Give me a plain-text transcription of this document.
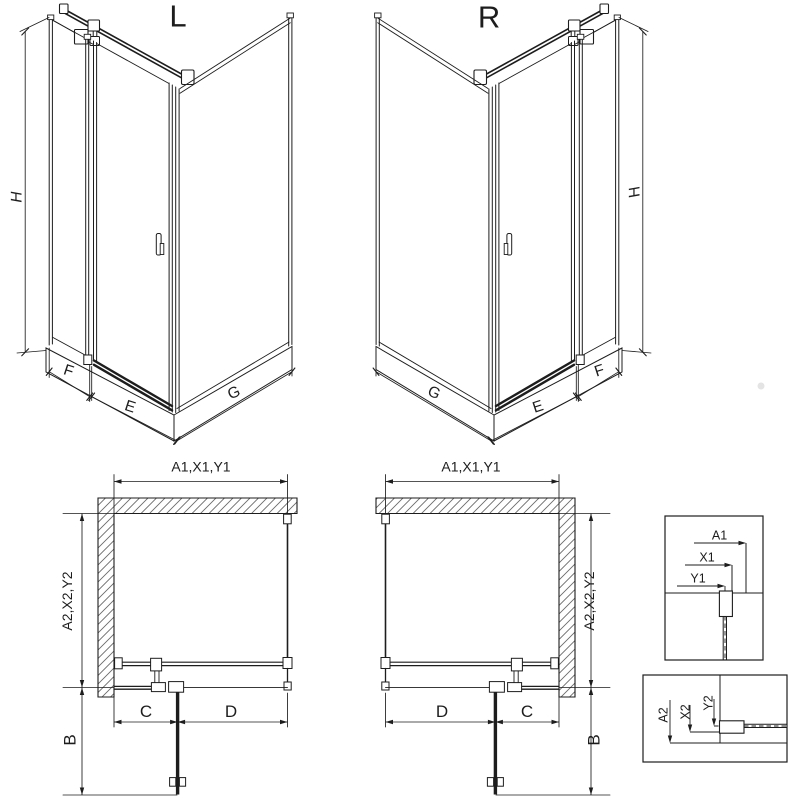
L	R
H
F
E
G
H
F
E
G
A1,X1,Y1
A2,X2,Y2
C	D
B
A1,X1,Y1
A2,X2,Y2
D	C
B
A1
X1
Y1
A2 X2
Y2
